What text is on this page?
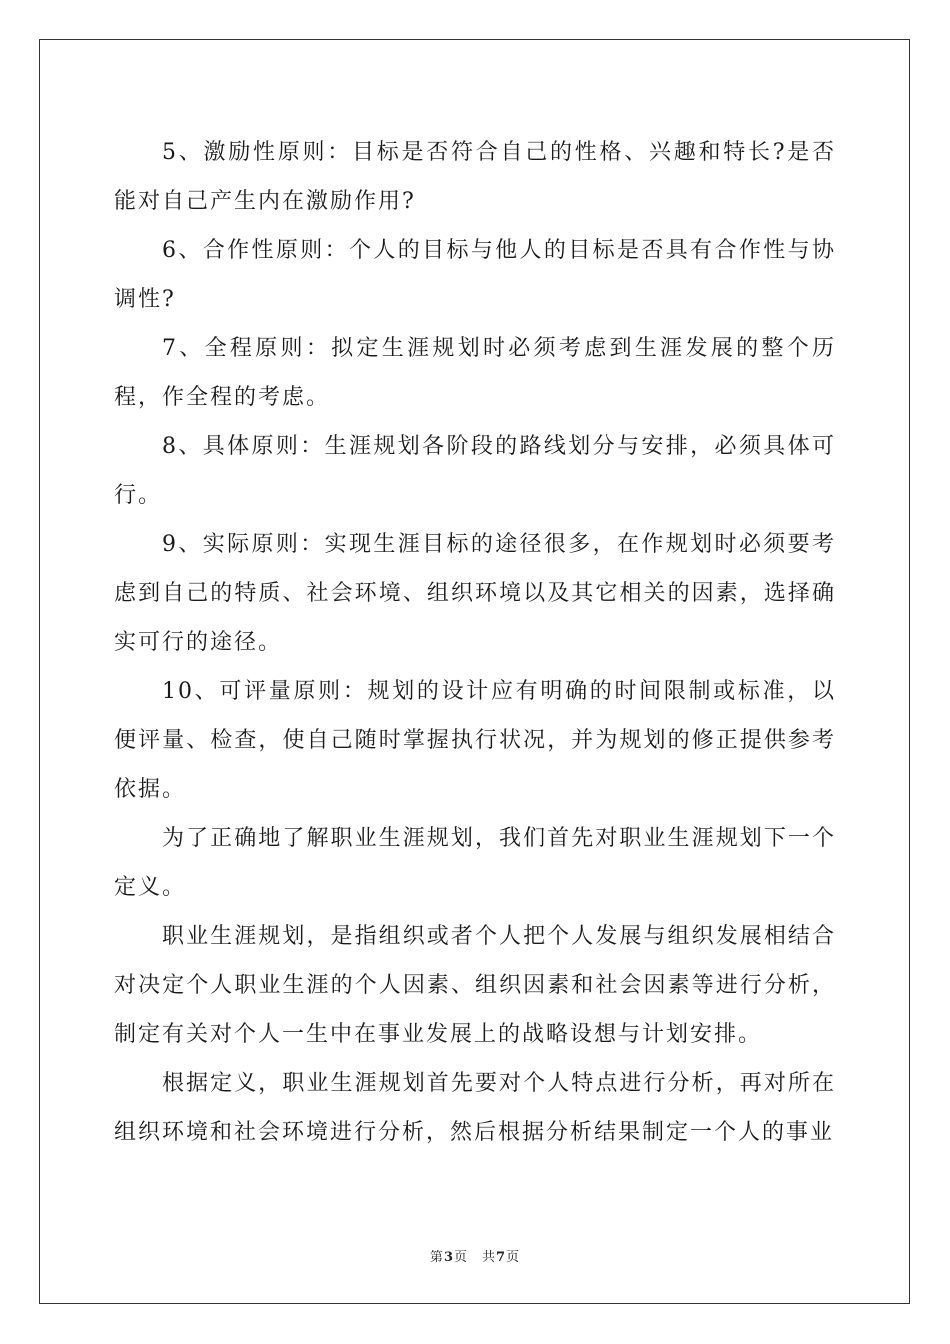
5、激励性原则：目标是否符合自己的性格、兴趣和特长?是否能对自己产生内在激励作用?

6、合作性原则：个人的目标与他人的目标是否具有合作性与协调性?

7、全程原则：拟定生涯规划时必须考虑到生涯发展的整个历程，作全程的考虑。

8、具体原则：生涯规划各阶段的路线划分与安排，必须具体可行。

9、实际原则：实现生涯目标的途径很多，在作规划时必须要考虑到自己的特质、社会环境、组织环境以及其它相关的因素，选择确实可行的途径。

10、可评量原则：规划的设计应有明确的时间限制或标准，以便评量、检查，使自己随时掌握执行状况，并为规划的修正提供参考依据。

为了正确地了解职业生涯规划，我们首先对职业生涯规划下一个定义。

职业生涯规划，是指组织或者个人把个人发展与组织发展相结合对决定个人职业生涯的个人因素、组织因素和社会因素等进行分析，制定有关对个人一生中在事业发展上的战略设想与计划安排。

根据定义，职业生涯规划首先要对个人特点进行分析，再对所在组织环境和社会环境进行分析，然后根据分析结果制定一个人的事业

第3页 共7页
